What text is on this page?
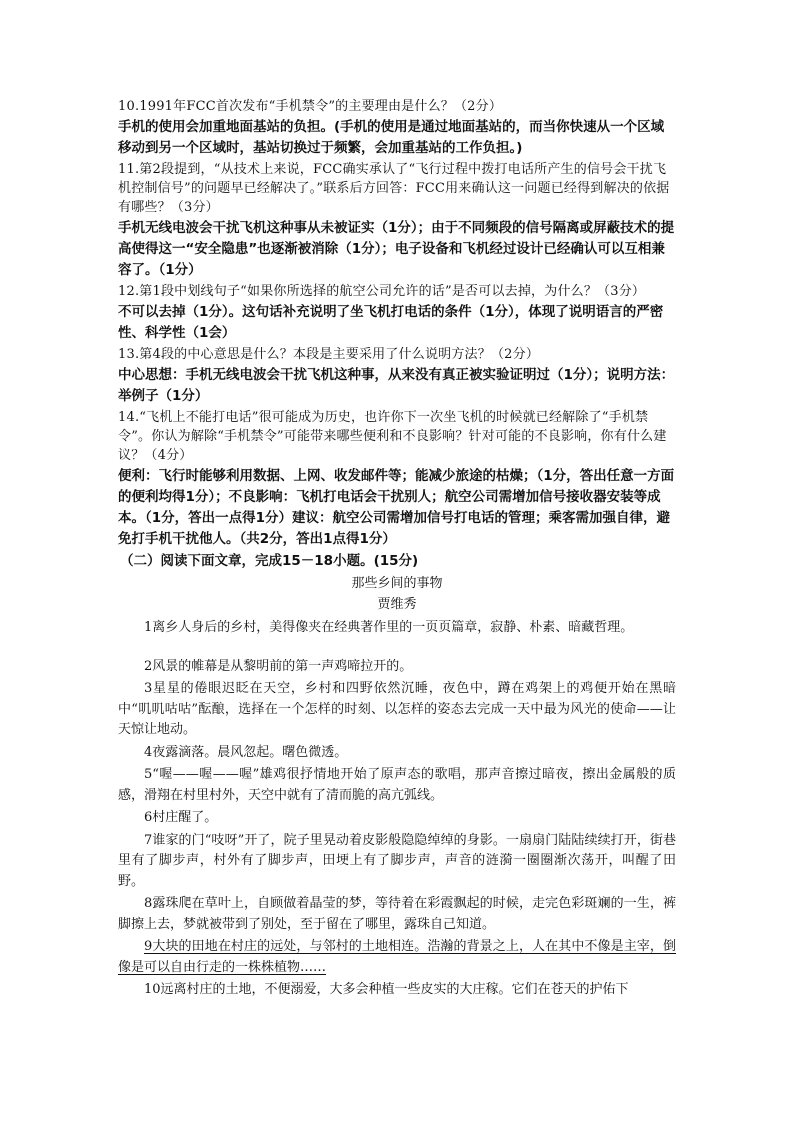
10.1991年FCC首次发布“手机禁令”的主要理由是什么？（2分）

手机的使用会加重地面基站的负担。(手机的使用是通过地面基站的，而当你快速从一个区域移动到另一个区域时，基站切换过于频繁，会加重基站的工作负担。)

11.第2段提到，“从技术上来说，FCC确实承认了“飞行过程中拨打电话所产生的信号会干扰飞机控制信号”的问题早已经解决了。”联系后方回答：FCC用来确认这一问题已经得到解决的依据有哪些？（3分）

手机无线电波会干扰飞机这种事从未被证实（1分）；由于不同频段的信号隔离或屏蔽技术的提高使得这一“安全隐患”也逐渐被消除（1分）；电子设备和飞机经过设计已经确认可以互相兼容了。（1分）

12.第1段中划线句子“如果你所选择的航空公司允许的话”是否可以去掉，为什么？（3分）

不可以去掉（1分）。这句话补充说明了坐飞机打电话的条件（1分），体现了说明语言的严密性、科学性（1会）

13.第4段的中心意思是什么？本段是主要采用了什么说明方法？（2分）

中心思想：手机无线电波会干扰飞机这种事，从来没有真正被实验证明过（1分）；说明方法：举例子（1分）

14.“飞机上不能打电话”很可能成为历史，也许你下一次坐飞机的时候就已经解除了“手机禁令”。你认为解除“手机禁令”可能带来哪些便利和不良影响？针对可能的不良影响，你有什么建议？（4分）

便利：飞行时能够利用数据、上网、收发邮件等；能减少旅途的枯燥；（1分，答出任意一方面的便利均得1分）；不良影响：飞机打电话会干扰别人；航空公司需增加信号接收器安装等成本。（1分，答出一点得1分）建议：航空公司需增加信号打电话的管理；乘客需加强自律，避免打手机干扰他人。（共2分，答出1点得1分）

（二）阅读下面文章，完成15－18小题。(15分)

那些乡间的事物

贾维秀

1离乡人身后的乡村，美得像夹在经典著作里的一页页篇章，寂静、朴素、暗藏哲理。

2风景的帷幕是从黎明前的第一声鸡啼拉开的。

3星星的倦眼迟眨在天空，乡村和四野依然沉睡，夜色中，蹲在鸡架上的鸡便开始在黑暗中“叽叽咕咕”酝酿，选择在一个怎样的时刻、以怎样的姿态去完成一天中最为风光的使命——让天惊让地动。

4夜露滴落。晨风忽起。曙色微透。

5“喔——喔——喔”雄鸡很抒情地开始了原声态的歌唱，那声音擦过暗夜，擦出金属般的质感，滑翔在村里村外，天空中就有了清而脆的高亢弧线。

6村庄醒了。

7谁家的门“吱呀”开了，院子里晃动着皮影般隐隐绰绰的身影。一扇扇门陆陆续续打开，街巷里有了脚步声，村外有了脚步声，田埂上有了脚步声，声音的涟漪一圈圈渐次荡开，叫醒了田野。

8露珠爬在草叶上，自顾做着晶莹的梦，等待着在彩霞飘起的时候，走完色彩斑斓的一生，裤脚擦上去，梦就被带到了别处，至于留在了哪里，露珠自己知道。

9大块的田地在村庄的远处，与邻村的土地相连。浩瀚的背景之上，人在其中不像是主宰，倒像是可以自由行走的一株株植物……

10远离村庄的土地，不便溺爱，大多会种植一些皮实的大庄稼。它们在苍天的护佑下
